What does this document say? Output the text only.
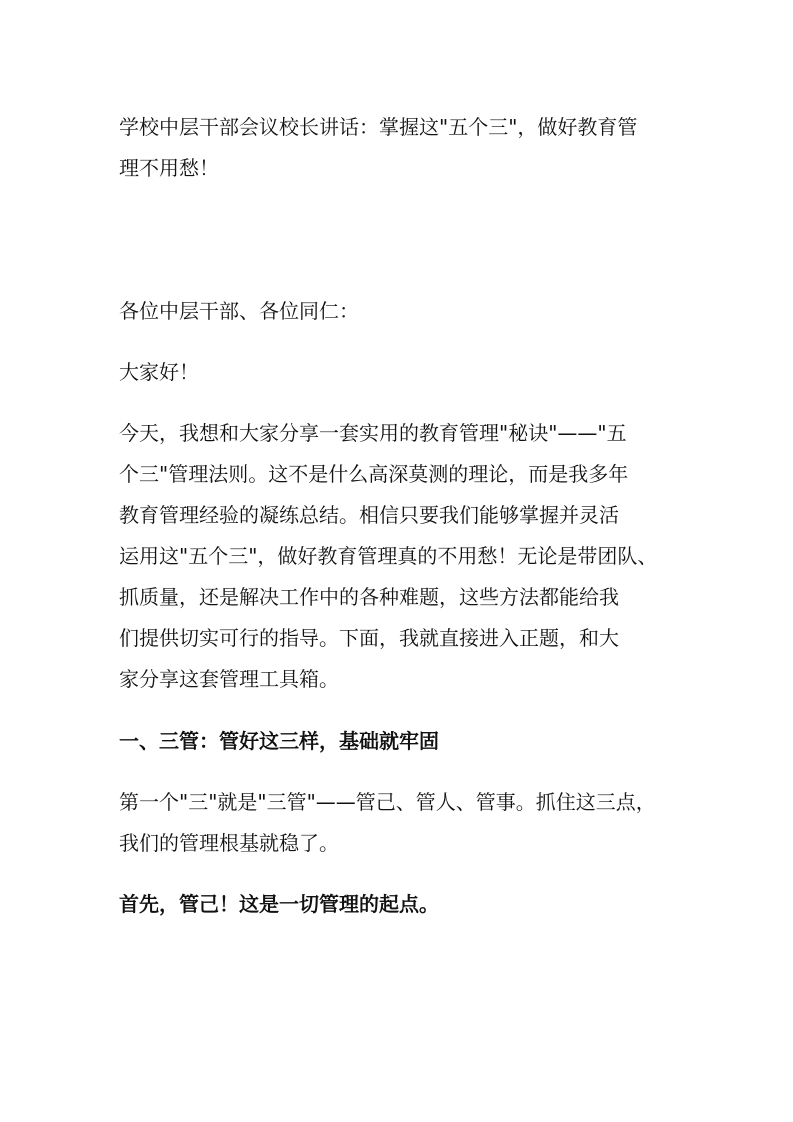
学校中层干部会议校长讲话：掌握这"五个三"，做好教育管
理不用愁！
各位中层干部、各位同仁：
大家好！
今天，我想和大家分享一套实用的教育管理"秘诀"——"五
个三"管理法则。这不是什么高深莫测的理论，而是我多年
教育管理经验的凝练总结。相信只要我们能够掌握并灵活
运用这"五个三"，做好教育管理真的不用愁！无论是带团队、
抓质量，还是解决工作中的各种难题，这些方法都能给我
们提供切实可行的指导。下面，我就直接进入正题，和大
家分享这套管理工具箱。
一、三管：管好这三样，基础就牢固
第一个"三"就是"三管"——管己、管人、管事。抓住这三点，
我们的管理根基就稳了。
首先，管己！这是一切管理的起点。
